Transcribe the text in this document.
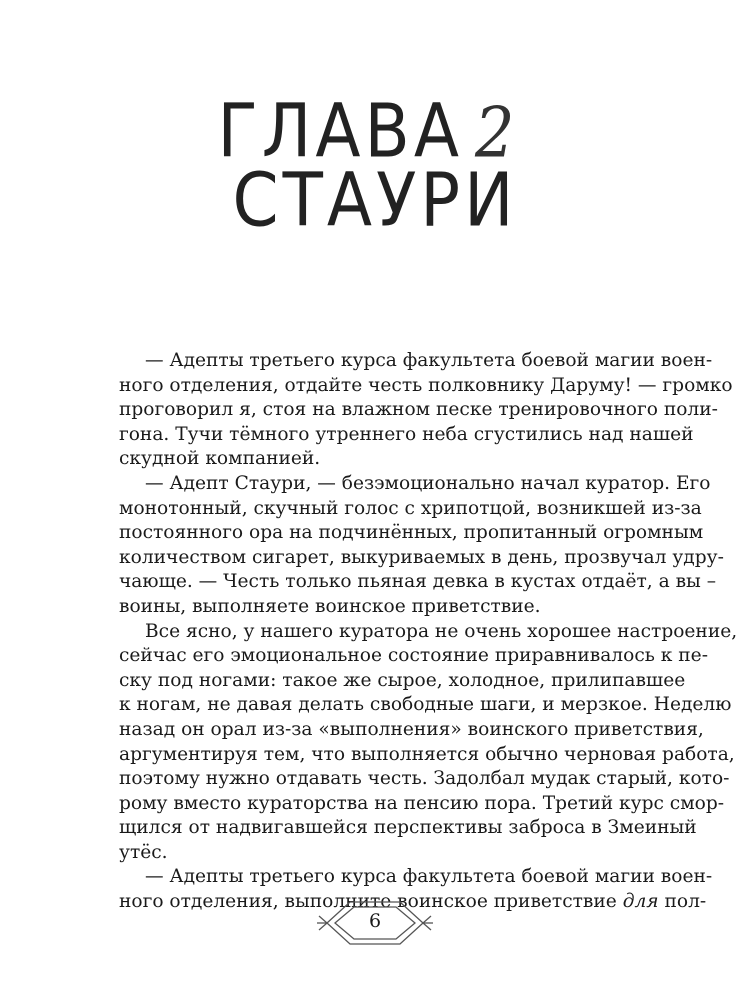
ГЛАВА 2
СТАУРИ

— Адепты третьего курса факультета боевой магии воен-
ного отделения, отдайте честь полковнику Даруму! — громко
проговорил я, стоя на влажном песке тренировочного поли-
гона. Тучи тёмного утреннего неба сгустились над нашей
скудной компанией.

— Адепт Стаури, — безэмоционально начал куратор. Его
монотонный, скучный голос с хрипотцой, возникшей из-за
постоянного ора на подчинённых, пропитанный огромным
количеством сигарет, выкуриваемых в день, прозвучал удру-
чающе. — Честь только пьяная девка в кустах отдаёт, а вы –
воины, выполняете воинское приветствие.

Все ясно, у нашего куратора не очень хорошее настроение,
сейчас его эмоциональное состояние приравнивалось к пе-
ску под ногами: такое же сырое, холодное, прилипавшее
к ногам, не давая делать свободные шаги, и мерзкое. Неделю
назад он орал из-за «выполнения» воинского приветствия,
аргументируя тем, что выполняется обычно черновая работа,
поэтому нужно отдавать честь. Задолбал мудак старый, кото-
рому вместо кураторства на пенсию пора. Третий курс смор-
щился от надвигавшейся перспективы заброса в Змеиный
утёс.

— Адепты третьего курса факультета боевой магии воен-
ного отделения, выполните воинское приветствие для пол-

6
